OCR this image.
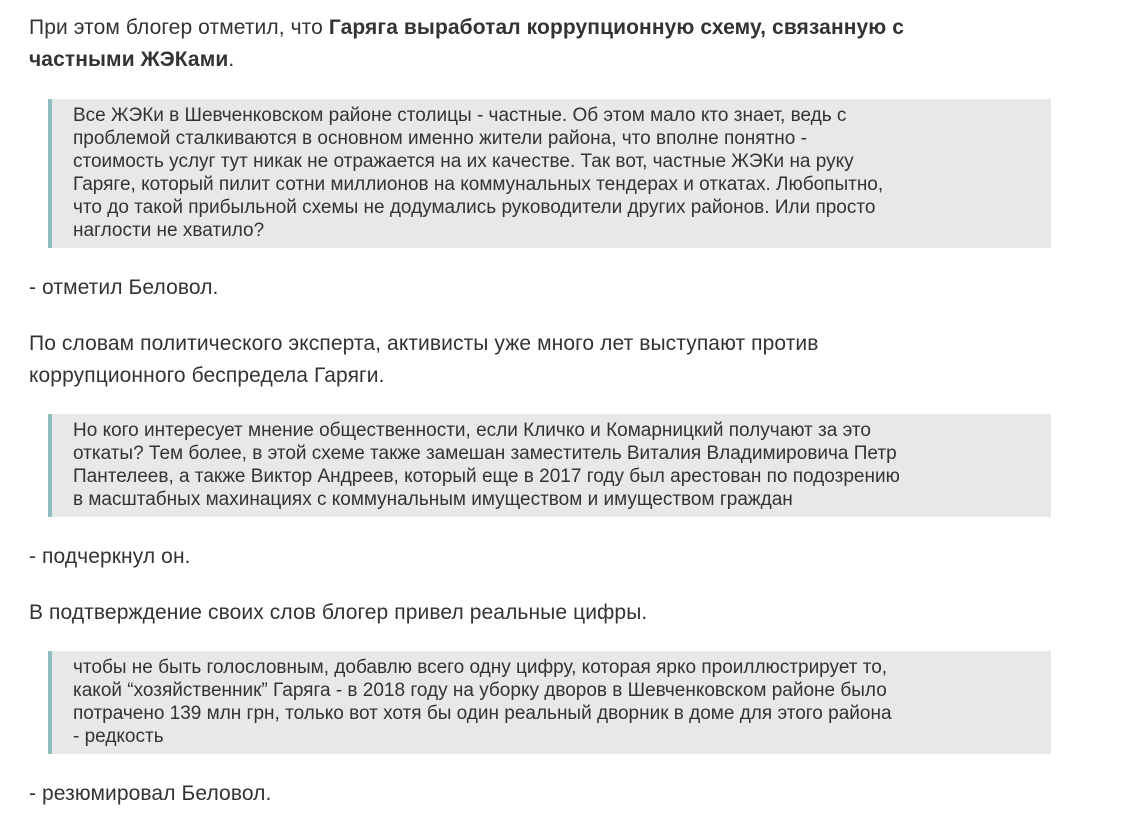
При этом блогер отметил, что Гаряга выработал коррупционную схему, связанную с
частными ЖЭКами.

Все ЖЭКи в Шевченковском районе столицы - частные. Об этом мало кто знает, ведь с
проблемой сталкиваются в основном именно жители района, что вполне понятно -
стоимость услуг тут никак не отражается на их качестве. Так вот, частные ЖЭКи на руку
Гаряге, который пилит сотни миллионов на коммунальных тендерах и откатах. Любопытно,
что до такой прибыльной схемы не додумались руководители других районов. Или просто
наглости не хватило?

- отметил Беловол.

По словам политического эксперта, активисты уже много лет выступают против
коррупционного беспредела Гаряги.

Но кого интересует мнение общественности, если Кличко и Комарницкий получают за это
откаты? Тем более, в этой схеме также замешан заместитель Виталия Владимировича Петр
Пантелеев, а также Виктор Андреев, который еще в 2017 году был арестован по подозрению
в масштабных махинациях с коммунальным имуществом и имуществом граждан

- подчеркнул он.

В подтверждение своих слов блогер привел реальные цифры.

чтобы не быть голословным, добавлю всего одну цифру, которая ярко проиллюстрирует то,
какой “хозяйственник” Гаряга - в 2018 году на уборку дворов в Шевченковском районе было
потрачено 139 млн грн, только вот хотя бы один реальный дворник в доме для этого района
- редкость

- резюмировал Беловол.
